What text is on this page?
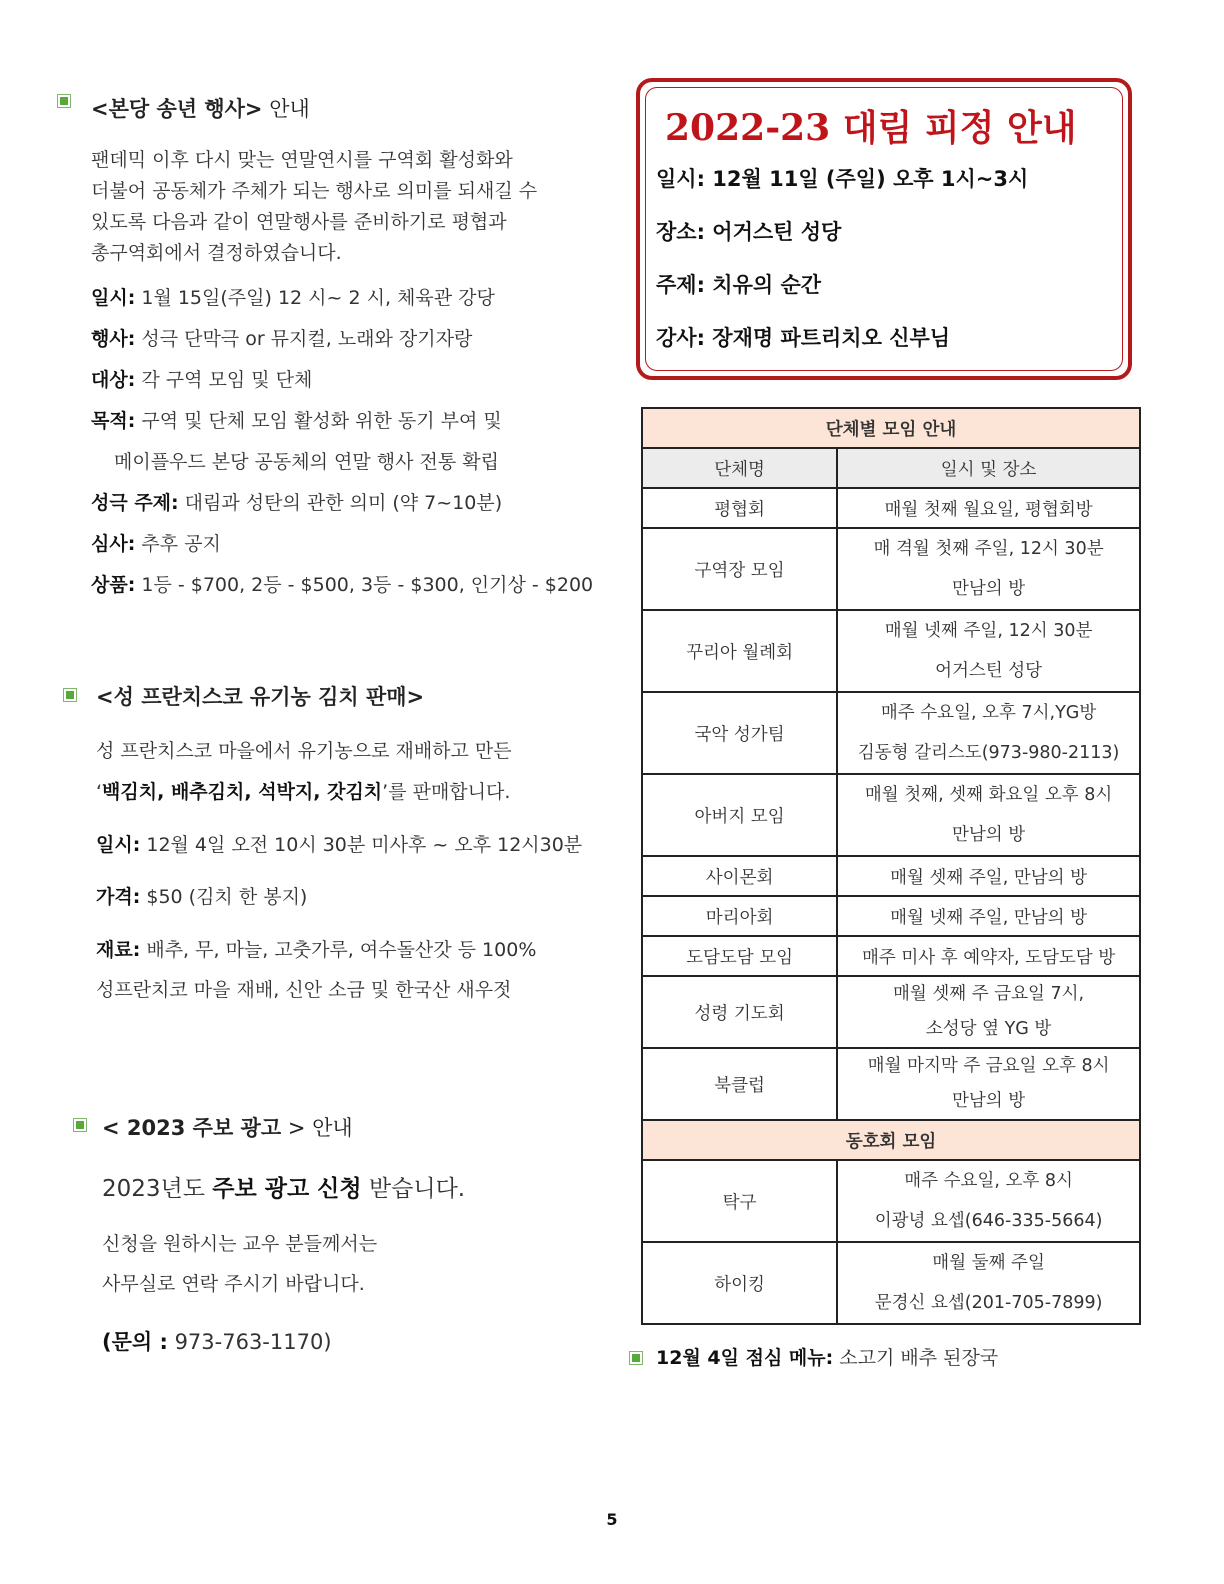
<본당 송년 행사> 안내
팬데믹 이후 다시 맞는 연말연시를 구역회 활성화와
더불어 공동체가 주체가 되는 행사로 의미를 되새길 수
있도록 다음과 같이 연말행사를 준비하기로 평협과
총구역회에서 결정하였습니다.
일시: 1월 15일(주일) 12 시~ 2 시, 체육관 강당
행사: 성극 단막극 or 뮤지컬, 노래와 장기자랑
대상: 각 구역 모임 및 단체
목적: 구역 및 단체 모임 활성화 위한 동기 부여 및
메이플우드 본당 공동체의 연말 행사 전통 확립
성극 주제: 대림과 성탄의 관한 의미 (약 7~10분)
심사: 추후 공지
상품: 1등 - $700, 2등 - $500, 3등 - $300, 인기상 - $200
<성 프란치스코 유기농 김치 판매>
성 프란치스코 마을에서 유기농으로 재배하고 만든
‘백김치, 배추김치, 석박지, 갓김치’를 판매합니다.
일시: 12월 4일 오전 10시 30분 미사후 ~ 오후 12시30분
가격: $50 (김치 한 봉지)
재료: 배추, 무, 마늘, 고춧가루, 여수돌산갓 등 100%
성프란치코 마을 재배, 신안 소금 및 한국산 새우젓
< 2023 주보 광고 > 안내
2023년도 주보 광고 신청 받습니다.
신청을 원하시는 교우 분들께서는
사무실로 연락 주시기 바랍니다.
(문의 : 973-763-1170)
2022-23 대림 피정 안내
일시: 12월 11일 (주일) 오후 1시~3시
장소: 어거스틴 성당
주제: 치유의 순간
강사: 장재명 파트리치오 신부님
단체별 모임 안내	
단체명	일시 및 장소
평협회	매월 첫째 월요일, 평협회방
구역장 모임	매 격월 첫째 주일, 12시 30분
만남의 방

꾸리아 월례회	매월 넷째 주일, 12시 30분
어거스틴 성당

국악 성가팀	매주 수요일, 오후 7시,YG방
김동형 갈리스도(973-980-2113)

아버지 모임	매월 첫째, 셋째 화요일 오후 8시
만남의 방

사이몬회	매월 셋째 주일, 만남의 방
마리아회	매월 넷째 주일, 만남의 방
도담도담 모임	매주 미사 후 예약자, 도담도담 방
성령 기도회	매월 셋째 주 금요일 7시,
소성당 옆 YG 방

북클럽	매월 마지막 주 금요일 오후 8시
만남의 방

동호회 모임	
탁구	매주 수요일, 오후 8시
이광녕 요셉(646-335-5664)

하이킹	매월 둘째 주일
문경신 요셉(201-705-7899)
12월 4일 점심 메뉴: 소고기 배추 된장국
5
